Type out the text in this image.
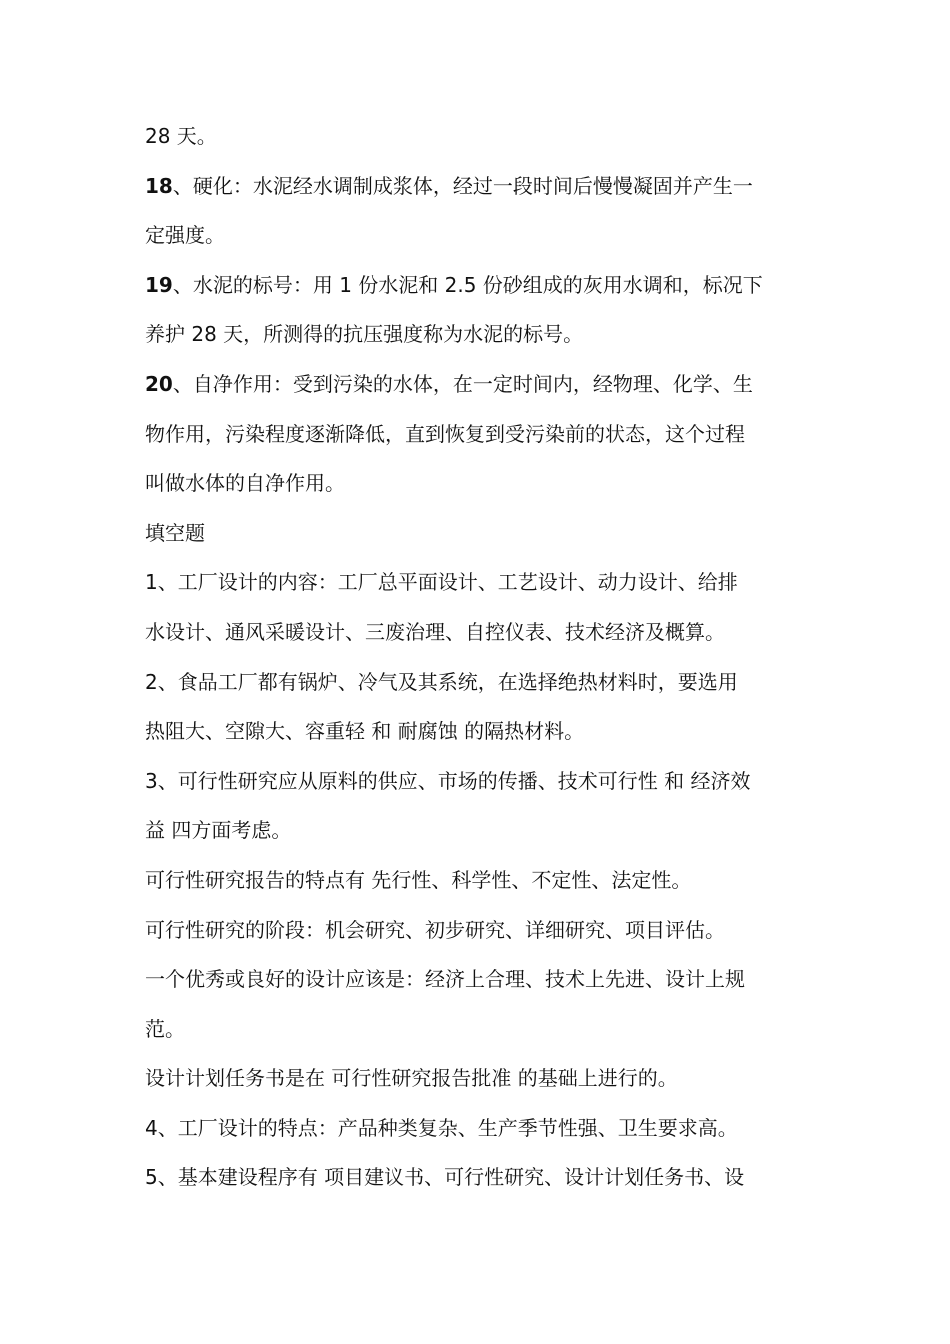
28 天。
18、硬化：水泥经水调制成浆体，经过一段时间后慢慢凝固并产生一
定强度。
19、水泥的标号：用 1 份水泥和 2.5 份砂组成的灰用水调和，标况下
养护 28 天，所测得的抗压强度称为水泥的标号。
20、自净作用：受到污染的水体，在一定时间内，经物理、化学、生
物作用，污染程度逐渐降低，直到恢复到受污染前的状态，这个过程
叫做水体的自净作用。
填空题
1、工厂设计的内容：工厂总平面设计、工艺设计、动力设计、给排
水设计、通风采暖设计、三废治理、自控仪表、技术经济及概算。
2、食品工厂都有锅炉、冷气及其系统，在选择绝热材料时，要选用
热阻大、空隙大、容重轻 和 耐腐蚀 的隔热材料。
3、可行性研究应从原料的供应、市场的传播、技术可行性 和 经济效
益 四方面考虑。
可行性研究报告的特点有 先行性、科学性、不定性、法定性。
可行性研究的阶段：机会研究、初步研究、详细研究、项目评估。
一个优秀或良好的设计应该是：经济上合理、技术上先进、设计上规
范。
设计计划任务书是在 可行性研究报告批准 的基础上进行的。
4、工厂设计的特点：产品种类复杂、生产季节性强、卫生要求高。
5、基本建设程序有 项目建议书、可行性研究、设计计划任务书、设
